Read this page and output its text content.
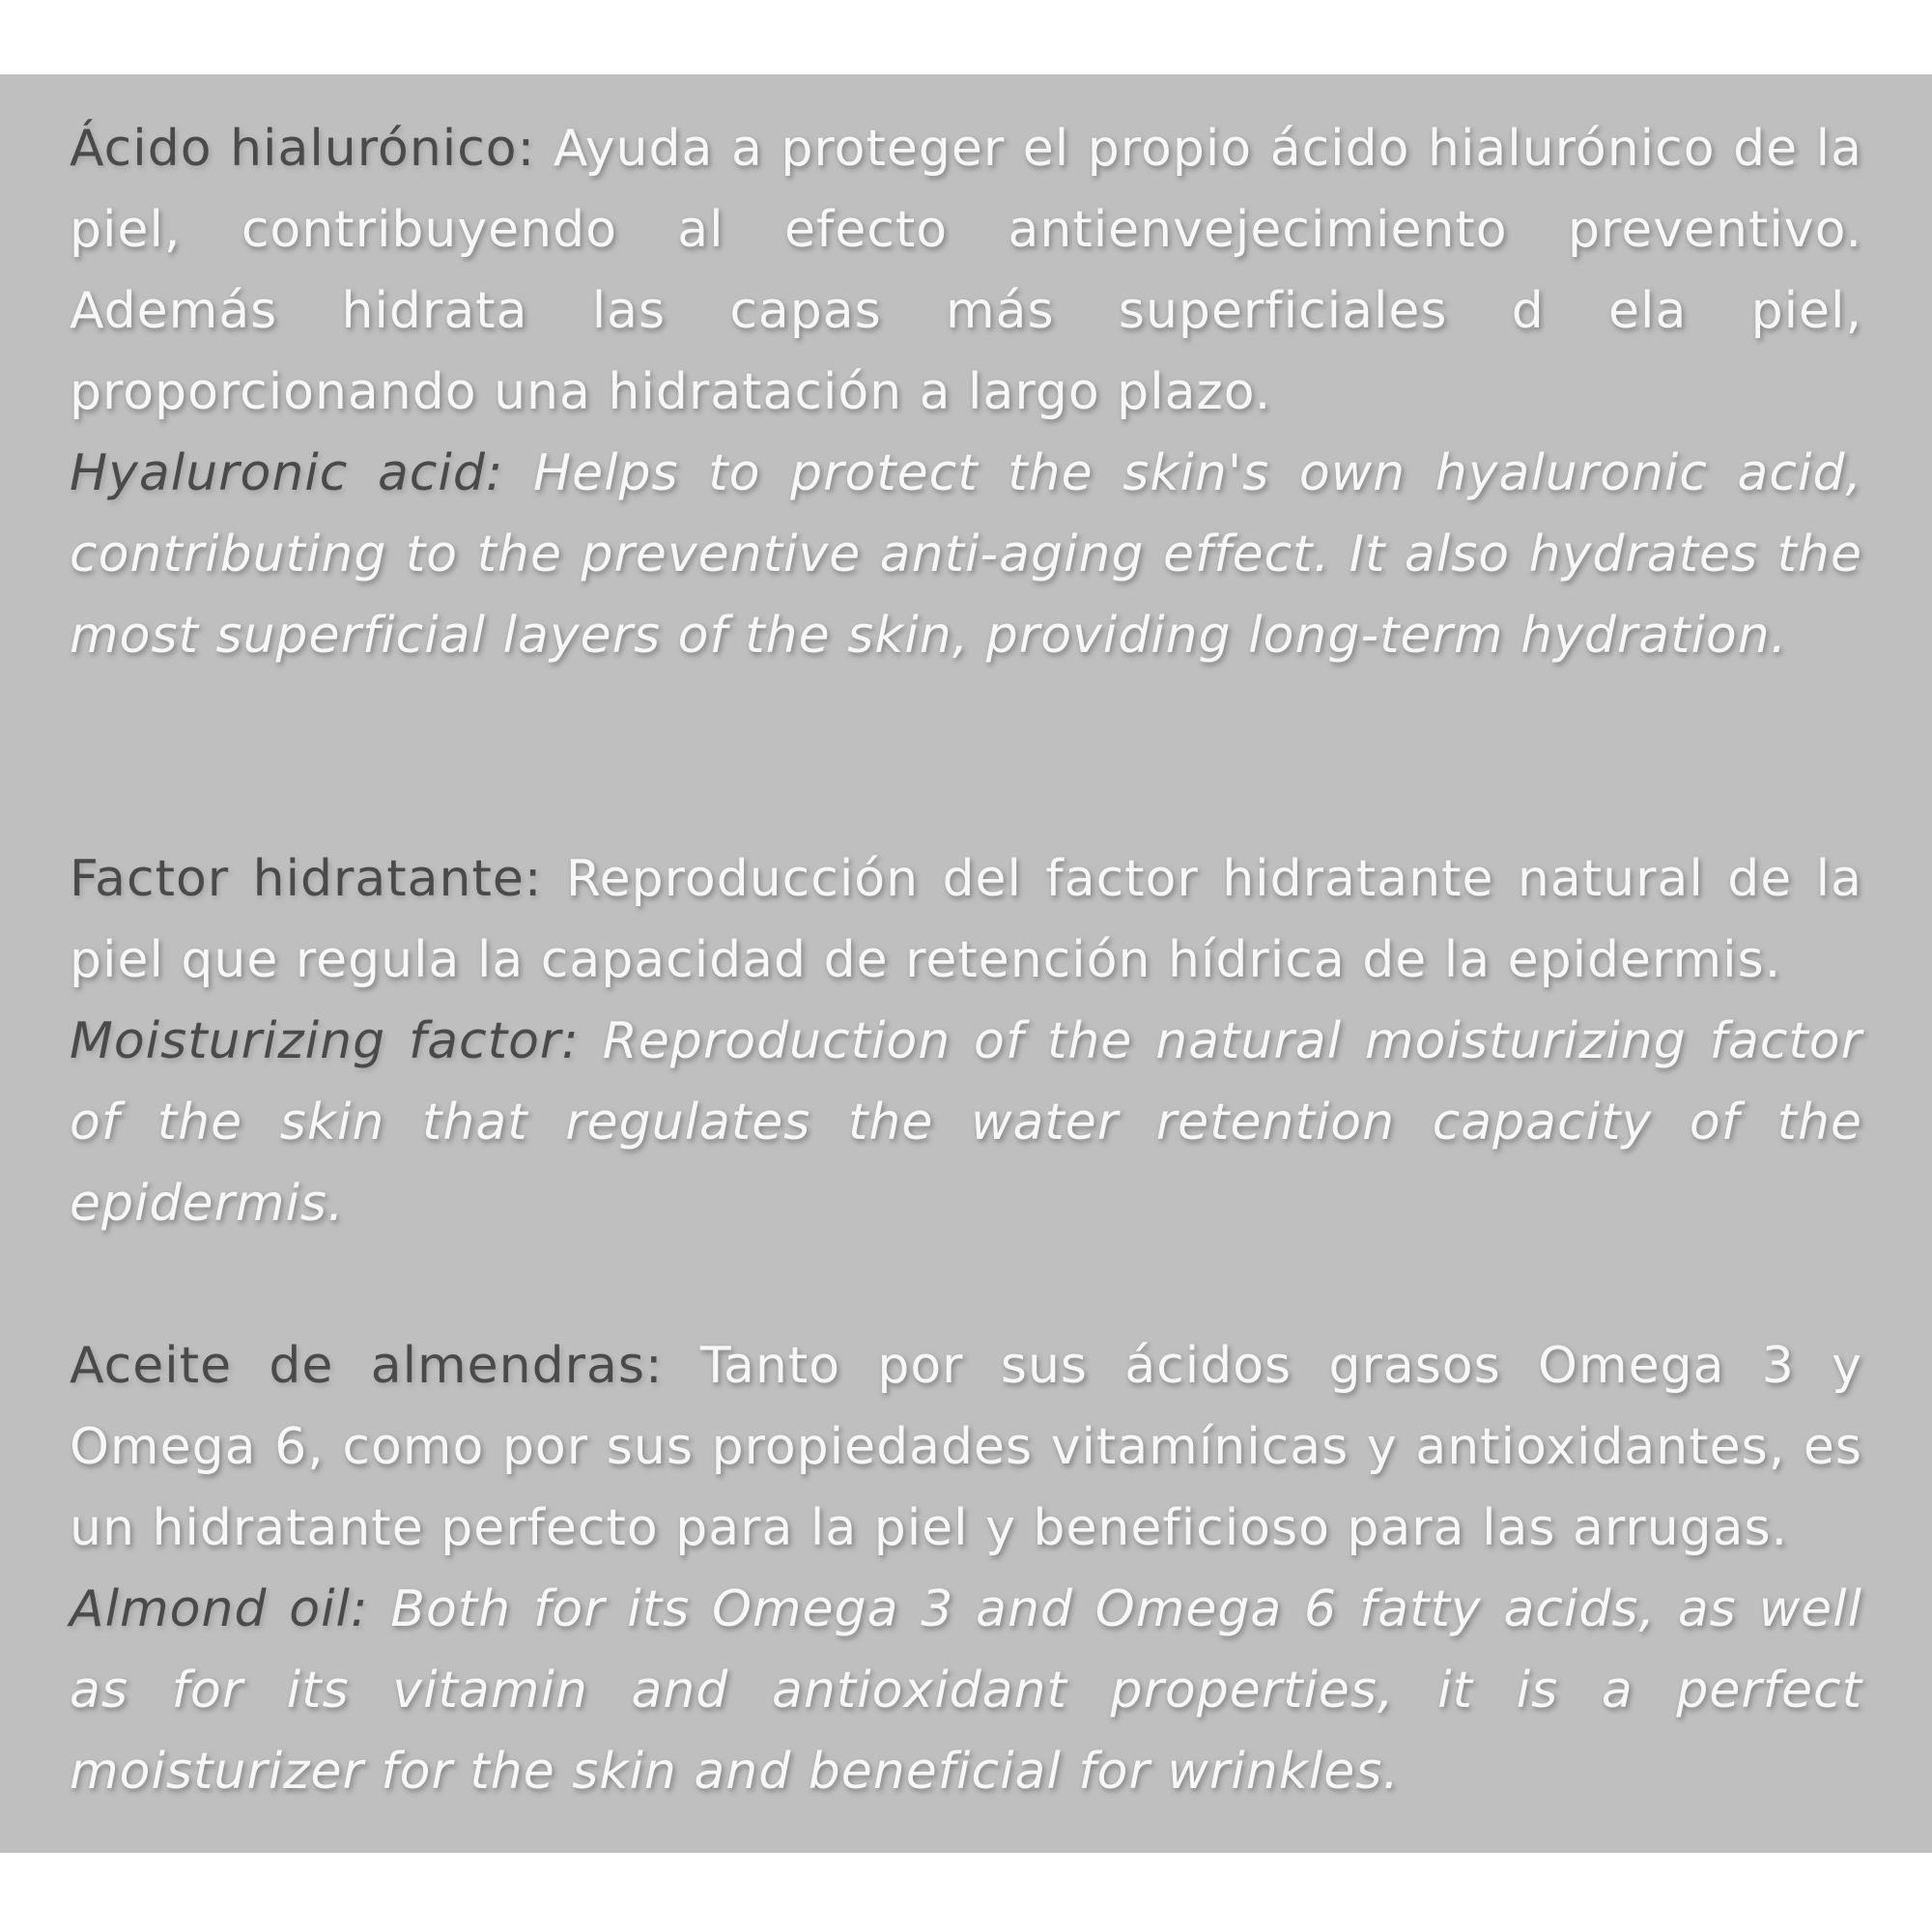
Ácido hialurónico: Ayuda a proteger el propio ácido hialurónico de la piel, contribuyendo al efecto antienvejecimiento preventivo. Además hidrata las capas más superficiales d ela piel, proporcionando una hidratación a largo plazo.

Hyaluronic acid: Helps to protect the skin's own hyaluronic acid, contributing to the preventive anti-aging effect. It also hydrates the most superficial layers of the skin, providing long-term hydration.

Factor hidratante: Reproducción del factor hidratante natural de la piel que regula la capacidad de retención hídrica de la epidermis.

Moisturizing factor: Reproduction of the natural moisturizing factor of the skin that regulates the water retention capacity of the epidermis.

Aceite de almendras: Tanto por sus ácidos grasos Omega 3 y Omega 6, como por sus propiedades vitamínicas y antioxidantes, es un hidratante perfecto para la piel y beneficioso para las arrugas.

Almond oil: Both for its Omega 3 and Omega 6 fatty acids, as well as for its vitamin and antioxidant properties, it is a perfect moisturizer for the skin and beneficial for wrinkles.
